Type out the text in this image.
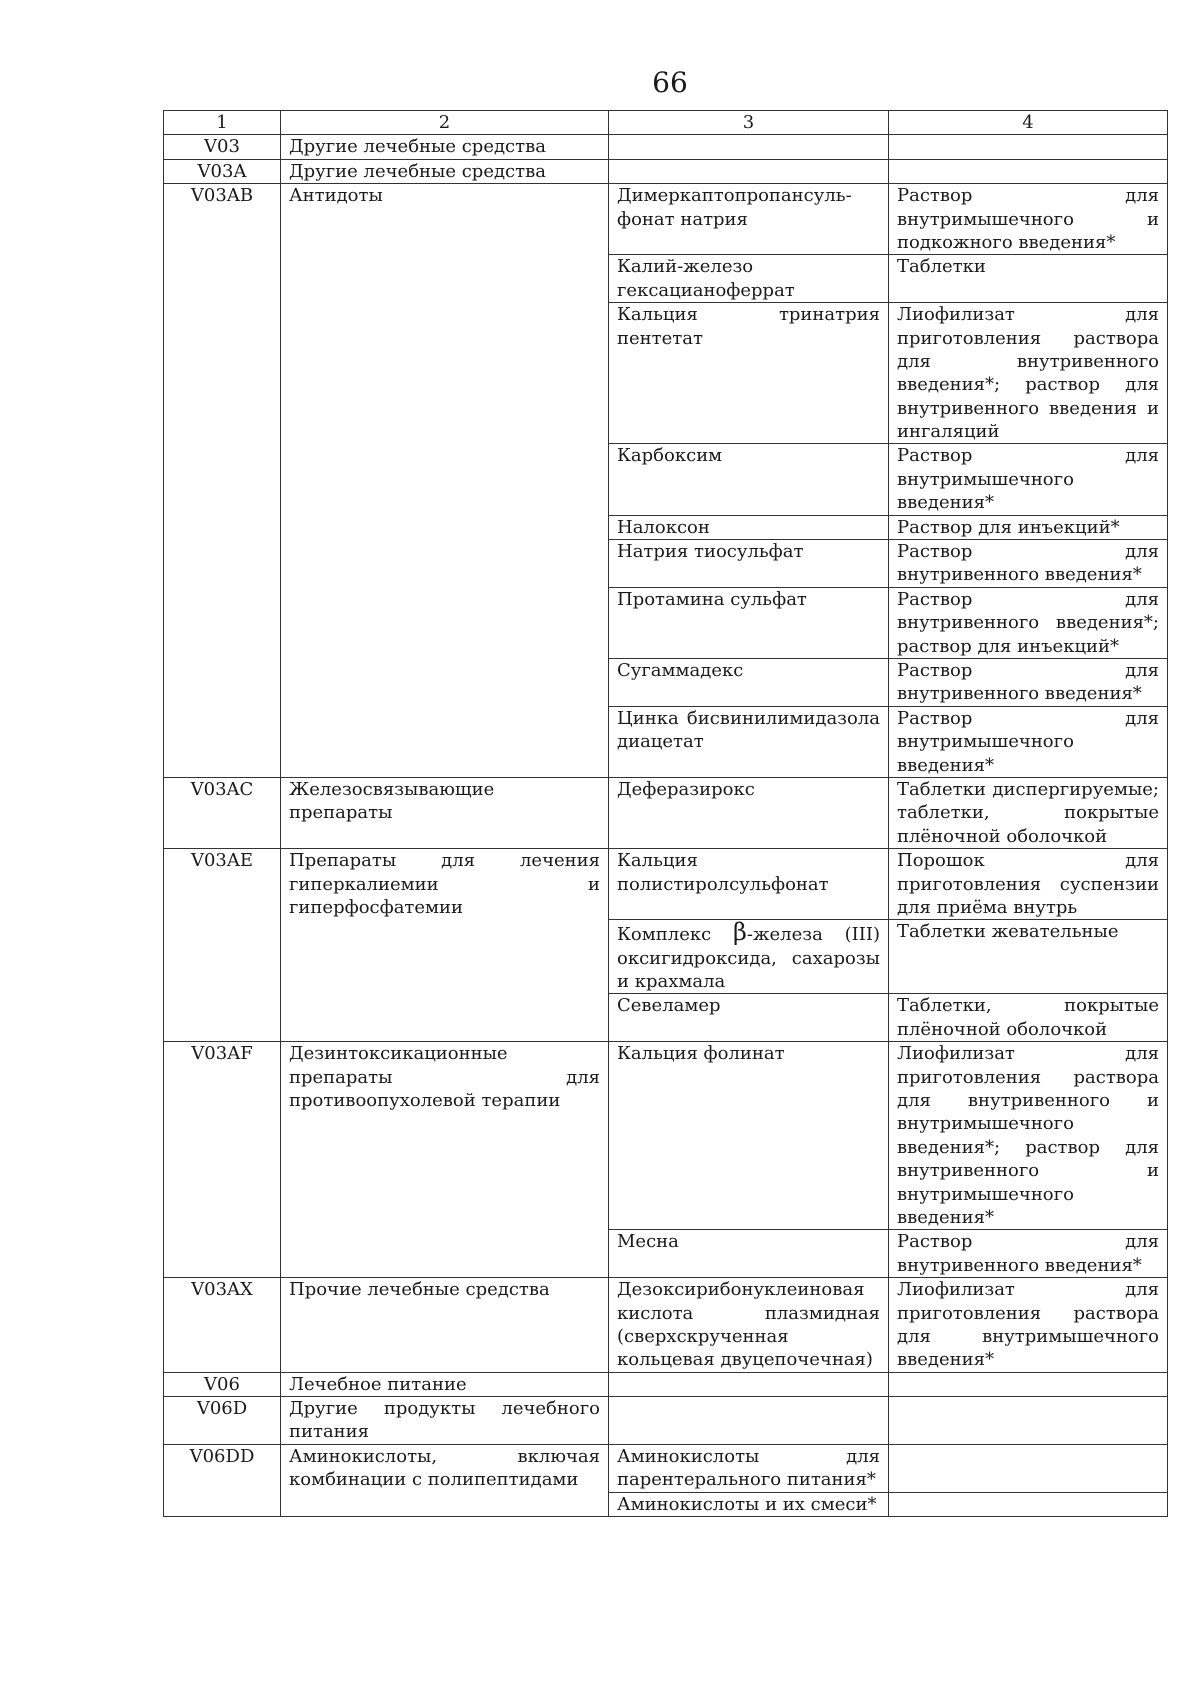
66
1	2	3	4
V03	Другие лечебные средства		
V03A	Другие лечебные средства		
V03AB	Антидоты	Димеркаптопропансуль-фонат натрия	Раствор для внутримышечного и подкожного введения*
		Калий-железо гексацианоферрат	Таблетки
		Кальция тринатрия пентетат	Лиофилизат для приготовления раствора для внутривенного введения*; раствор для внутривенного введения и ингаляций
		Карбоксим	Раствор для внутримышечного введения*
		Налоксон	Раствор для инъекций*
		Натрия тиосульфат	Раствор для внутривенного введения*
		Протамина сульфат	Раствор для внутривенного введения*; раствор для инъекций*
		Сугаммадекс	Раствор для внутривенного введения*
		Цинка бисвинилимидазола диацетат	Раствор для внутримышечного введения*
V03AC	Железосвязывающие препараты	Деферазирокс	Таблетки диспергируемые; таблетки, покрытые плёночной оболочкой
V03AE	Препараты для лечения гиперкалиемии и гиперфосфатемии	Кальция полистиролсульфонат	Порошок для приготовления суспензии для приёма внутрь
		Комплекс β-железа (III) оксигидроксида, сахарозы и крахмала	Таблетки жевательные
		Севеламер	Таблетки, покрытые плёночной оболочкой
V03AF	Дезинтоксикационные препараты для противоопухолевой терапии	Кальция фолинат	Лиофилизат для приготовления раствора для внутривенного и внутримышечного введения*; раствор для внутривенного и внутримышечного введения*
		Месна	Раствор для внутривенного введения*
V03AX	Прочие лечебные средства	Дезоксирибонуклеиновая кислота плазмидная (сверхскрученная кольцевая двуцепочечная)	Лиофилизат для приготовления раствора для внутримышечного введения*
V06	Лечебное питание		
V06D	Другие продукты лечебного питания		
V06DD	Аминокислоты, включая комбинации с полипептидами	Аминокислоты для парентерального питания*	
		Аминокислоты и их смеси*	
